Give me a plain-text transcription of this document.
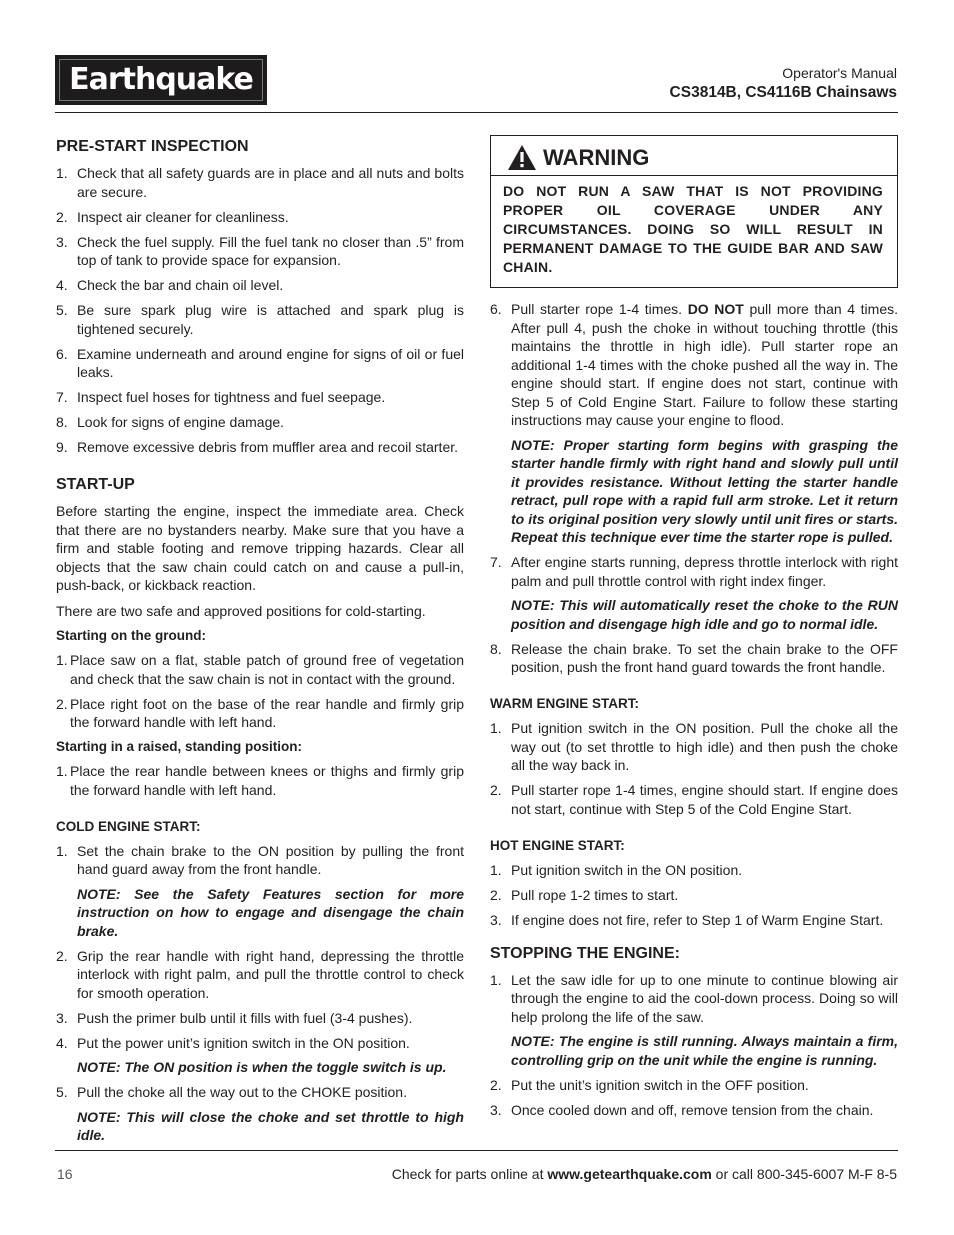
Earthquake	Operator's Manual
CS3814B, CS4116B Chainsaws
PRE-START INSPECTION
1. Check that all safety guards are in place and all nuts and bolts are secure.
2. Inspect air cleaner for cleanliness.
3. Check the fuel supply. Fill the fuel tank no closer than .5” from top of tank to provide space for expansion.
4. Check the bar and chain oil level.
5. Be sure spark plug wire is attached and spark plug is tightened securely.
6. Examine underneath and around engine for signs of oil or fuel leaks.
7. Inspect fuel hoses for tightness and fuel seepage.
8. Look for signs of engine damage.
9. Remove excessive debris from muffler area and recoil starter.
START-UP

Before starting the engine, inspect the immediate area. Check that there are no bystanders nearby. Make sure that you have a firm and stable footing and remove tripping hazards. Clear all objects that the saw chain could catch on and cause a pull-in, push-back, or kickback reaction.

There are two safe and approved positions for cold-starting.

Starting on the ground:
1. Place saw on a flat, stable patch of ground free of vegetation and check that the saw chain is not in contact with the ground.
2. Place right foot on the base of the rear handle and firmly grip the forward handle with left hand.
Starting in a raised, standing position:
1. Place the rear handle between knees or thighs and firmly grip the forward handle with left hand.
COLD ENGINE START:
1. Set the chain brake to the ON position by pulling the front hand guard away from the front handle.
NOTE: See the Safety Features section for more instruction on how to engage and disengage the chain brake.
2. Grip the rear handle with right hand, depressing the throttle interlock with right palm, and pull the throttle control to check for smooth operation.
3. Push the primer bulb until it fills with fuel (3-4 pushes).
4. Put the power unit’s ignition switch in the ON position.
NOTE: The ON position is when the toggle switch is up.
5. Pull the choke all the way out to the CHOKE position.
NOTE: This will close the choke and set throttle to high idle.
WARNING
DO NOT RUN A SAW THAT IS NOT PROVIDING PROPER OIL COVERAGE UNDER ANY CIRCUMSTANCES. DOING SO WILL RESULT IN PERMANENT DAMAGE TO THE GUIDE BAR AND SAW CHAIN.
6. Pull starter rope 1-4 times. DO NOT pull more than 4 times. After pull 4, push the choke in without touching throttle (this maintains the throttle in high idle). Pull starter rope an additional 1-4 times with the choke pushed all the way in. The engine should start. If engine does not start, continue with Step 5 of Cold Engine Start. Failure to follow these starting instructions may cause your engine to flood.
NOTE: Proper starting form begins with grasping the starter handle firmly with right hand and slowly pull until it provides resistance. Without letting the starter handle retract, pull rope with a rapid full arm stroke. Let it return to its original position very slowly until unit fires or starts. Repeat this technique ever time the starter rope is pulled.
7. After engine starts running, depress throttle interlock with right palm and pull throttle control with right index finger.
NOTE: This will automatically reset the choke to the RUN position and disengage high idle and go to normal idle.
8. Release the chain brake. To set the chain brake to the OFF position, push the front hand guard towards the front handle.
WARM ENGINE START:
1. Put ignition switch in the ON position. Pull the choke all the way out (to set throttle to high idle) and then push the choke all the way back in.
2. Pull starter rope 1-4 times, engine should start. If engine does not start, continue with Step 5 of the Cold Engine Start.
HOT ENGINE START:
1. Put ignition switch in the ON position.
2. Pull rope 1-2 times to start.
3. If engine does not fire, refer to Step 1 of Warm Engine Start.
STOPPING THE ENGINE:
1. Let the saw idle for up to one minute to continue blowing air through the engine to aid the cool-down process. Doing so will help prolong the life of the saw.
NOTE: The engine is still running. Always maintain a firm, controlling grip on the unit while the engine is running.
2. Put the unit’s ignition switch in the OFF position.
3. Once cooled down and off, remove tension from the chain.
16	Check for parts online at www.getearthquake.com or call 800-345-6007 M-F 8-5
